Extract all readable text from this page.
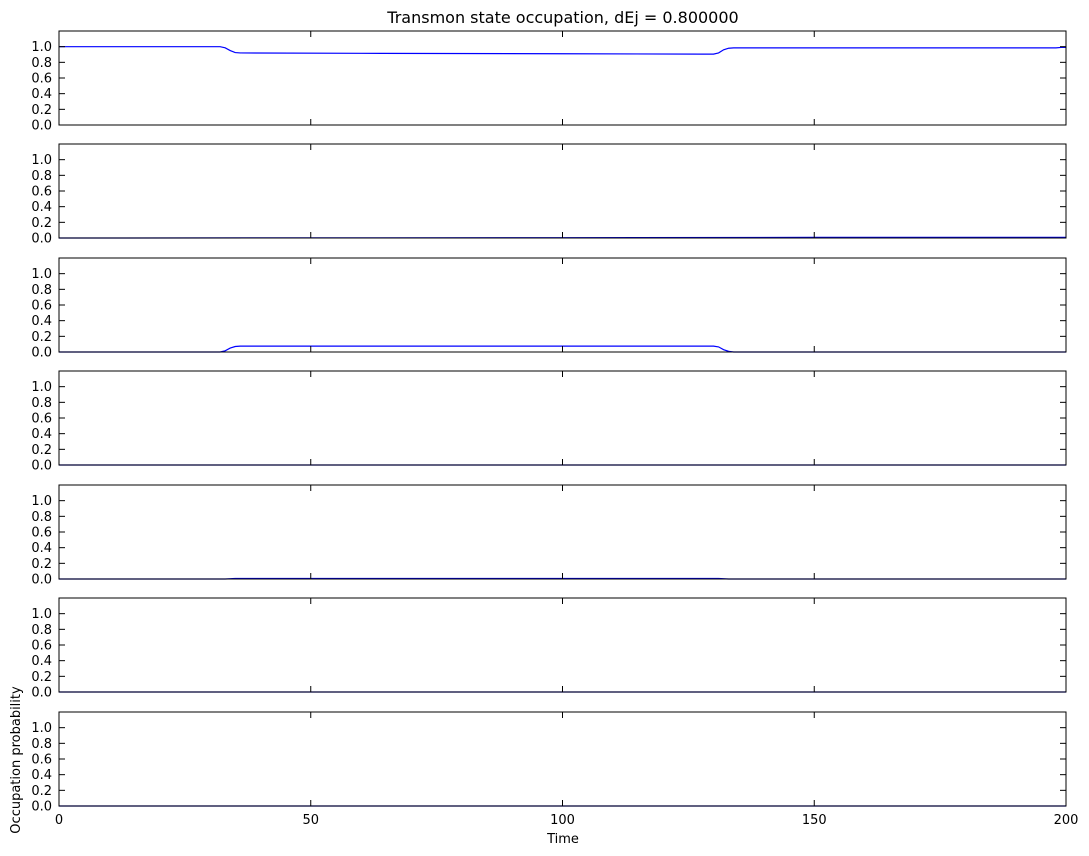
Transmon state occupation, dEj = 0.800000
0.0
0.2
0.4
0.6
0.8
1.0
0.0
0.2
0.4
0.6
0.8
1.0
0.0
0.2
0.4
0.6
0.8
1.0
0.0
0.2
0.4
0.6
0.8
1.0
0.0
0.2
0.4
0.6
0.8
1.0
0.0
0.2
0.4
0.6
0.8
1.0
0.0
0.2
0.4
0.6
0.8
1.0
0	50	100	150	200
Time
Occupation probability
